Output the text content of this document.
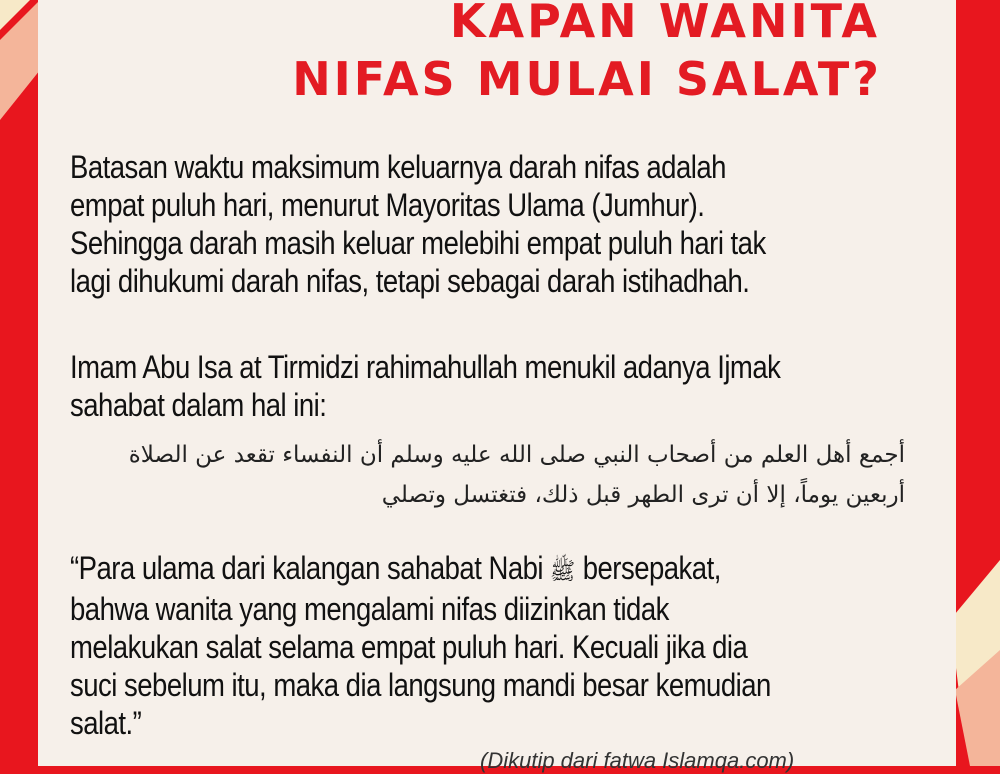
KAPAN WANITA
NIFAS MULAI SALAT?
Batasan waktu maksimum keluarnya darah nifas adalah
empat puluh hari, menurut Mayoritas Ulama (Jumhur).
Sehingga darah masih keluar melebihi empat puluh hari tak
lagi dihukumi darah nifas, tetapi sebagai darah istihadhah.
Imam Abu Isa at Tirmidzi rahimahullah menukil adanya Ijmak
sahabat dalam hal ini:
أجمع أهل العلم من أصحاب النبي صلى الله عليه وسلم أن النفساء تقعد عن الصلاة
أربعين يوماً، إلا أن ترى الطهر قبل ذلك، فتغتسل وتصلي
“Para ulama dari kalangan sahabat Nabi ﷺ bersepakat,
bahwa wanita yang mengalami nifas diizinkan tidak
melakukan salat selama empat puluh hari. Kecuali jika dia
suci sebelum itu, maka dia langsung mandi besar kemudian
salat.”
(Dikutip dari fatwa Islamqa.com)
